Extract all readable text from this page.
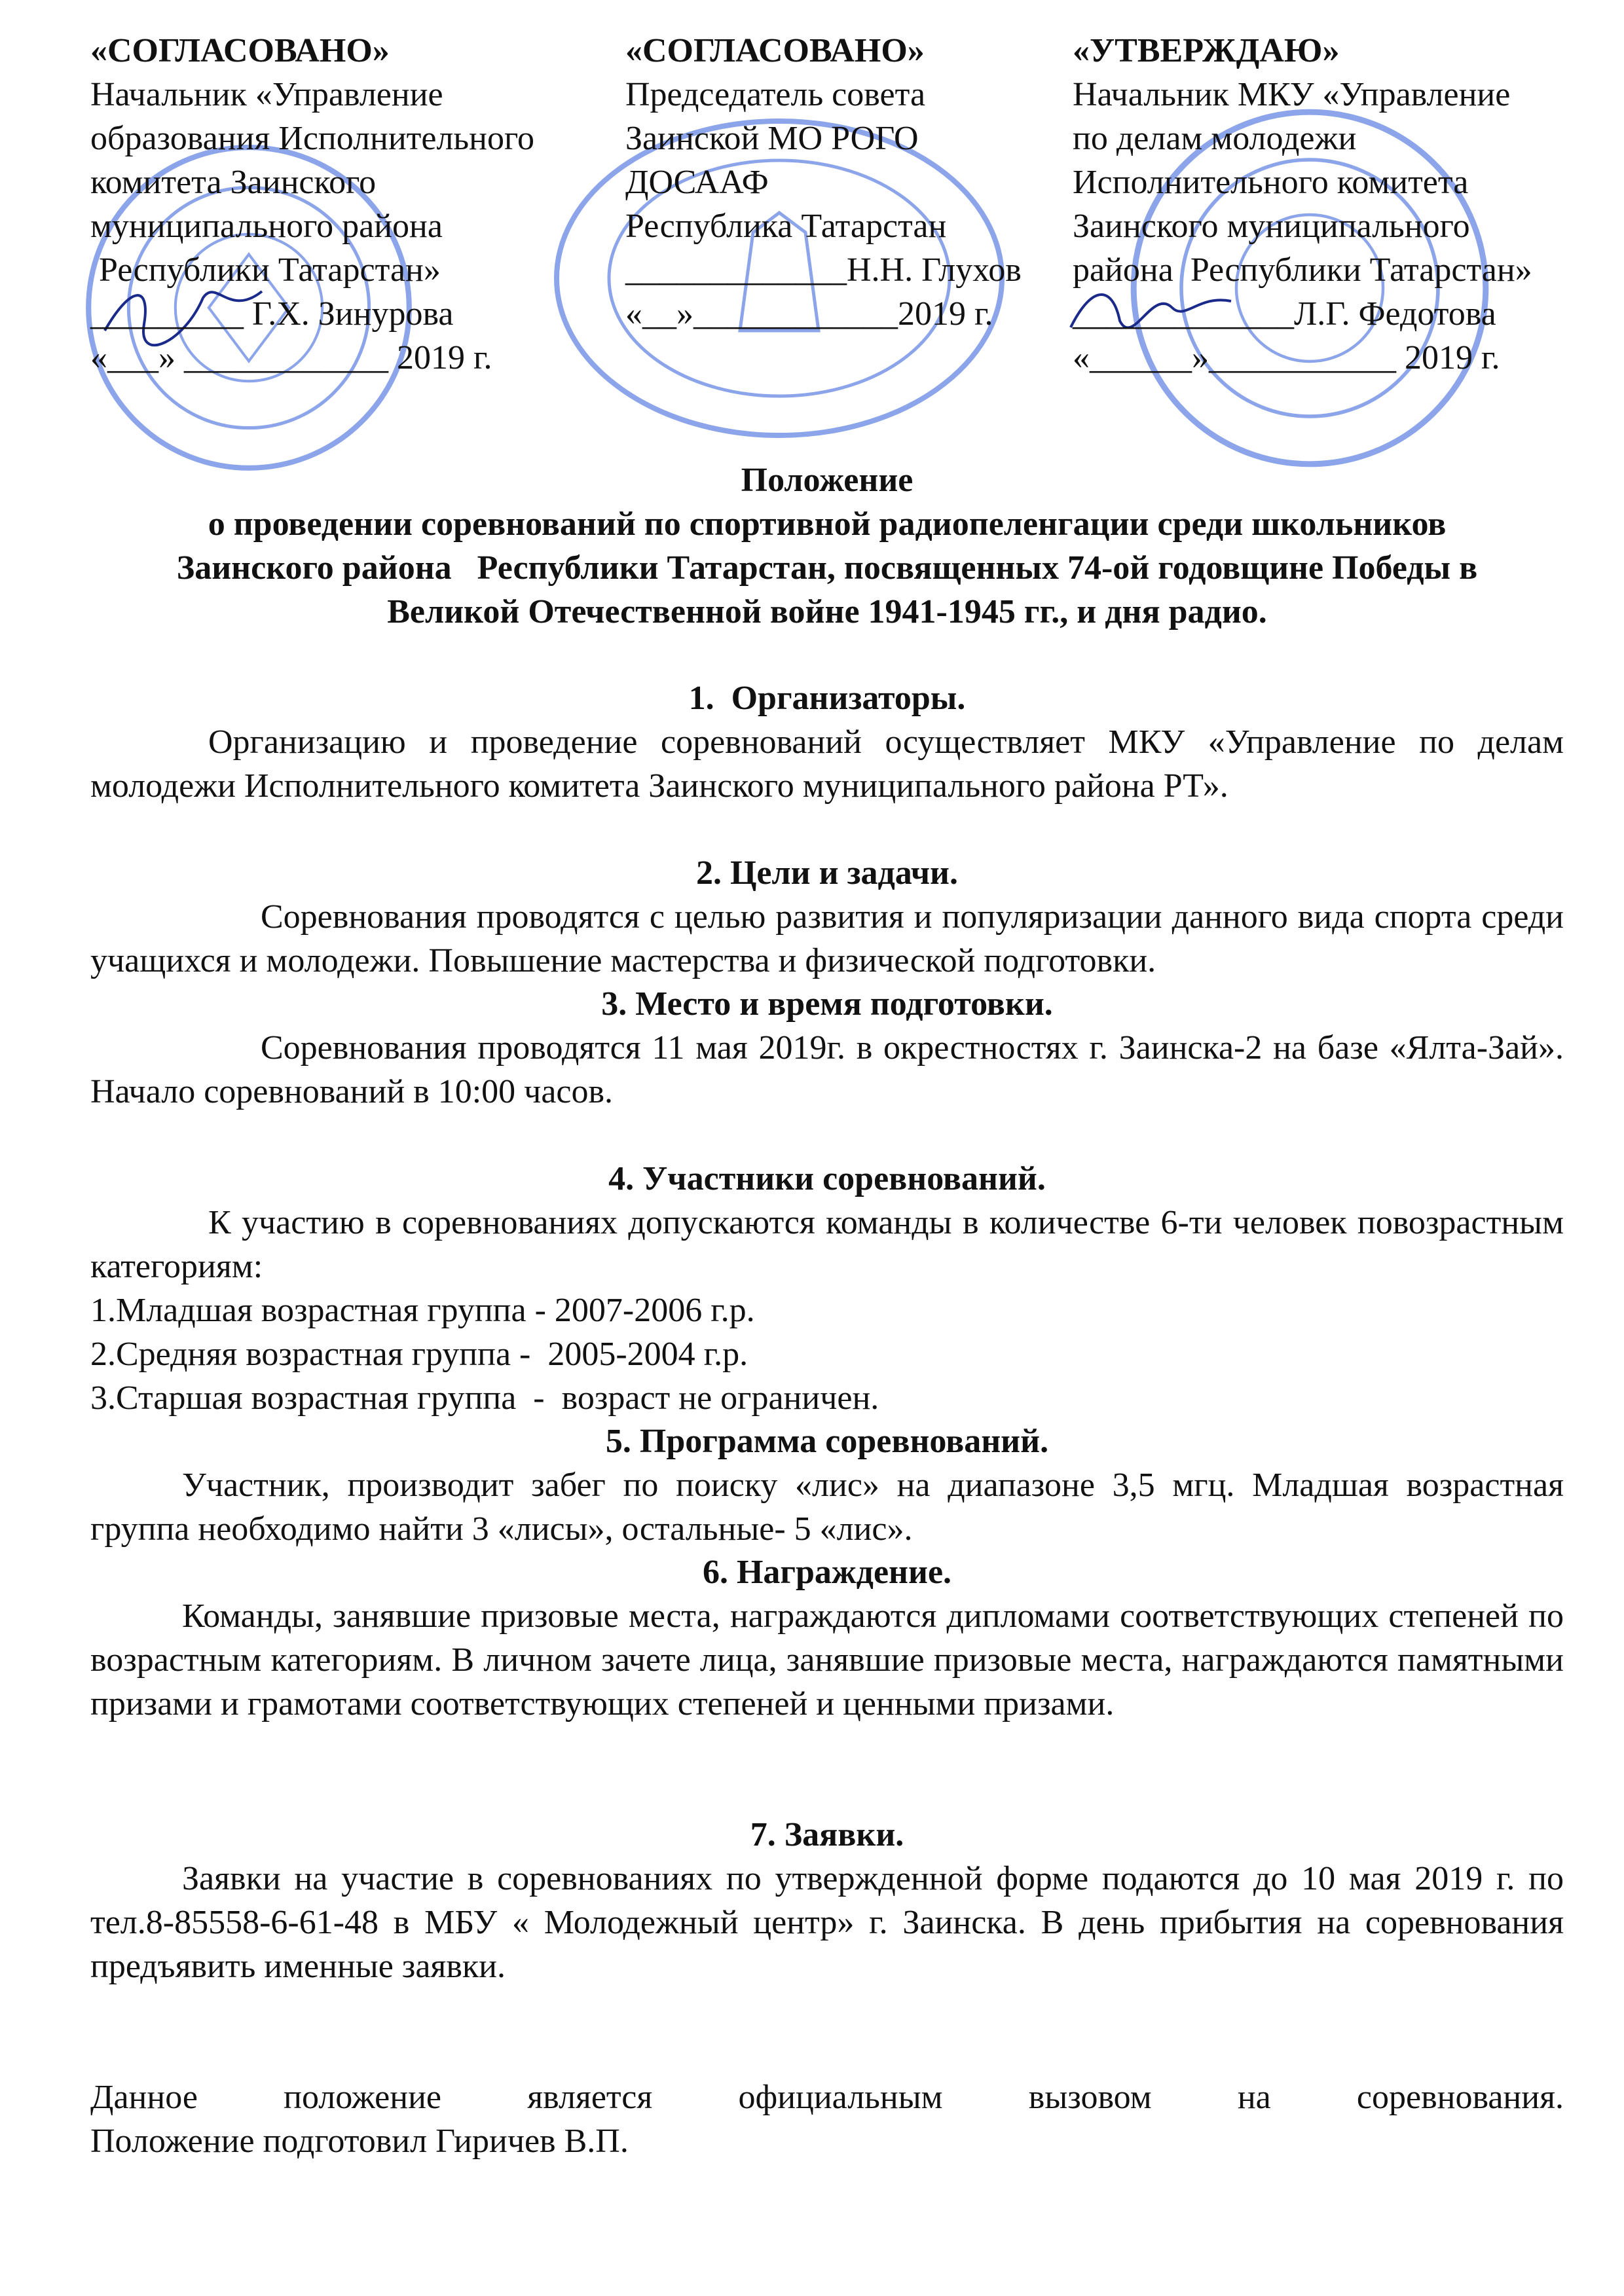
«СОГЛАСОВАНО»
Начальник «Управление
образования Исполнительного
комитета Заинского
муниципального района
Республики Татарстан»
_________ Г.Х. Зинурова
«___» ____________ 2019 г.
«СОГЛАСОВАНО»
Председатель совета
Заинской МО РОГО
ДОСААФ
Республика Татарстан
_____________Н.Н. Глухов
«__»____________2019 г.
«УТВЕРЖДАЮ»
Начальник МКУ «Управление
по делам молодежи
Исполнительного комитета
Заинского муниципального
района  Республики Татарстан»
_____________Л.Г. Федотова
«______»___________ 2019 г.
Положение
о проведении соревнований по спортивной радиопеленгации среди школьников
Заинского района   Республики Татарстан, посвященных 74-ой годовщине Победы в
Великой Отечественной войне 1941-1945 гг., и дня радио.
1.  Организаторы.
Организацию и проведение соревнований осуществляет МКУ «Управление по делам молодежи Исполнительного комитета Заинского муниципального района РТ».
2. Цели и задачи.
Соревнования проводятся с целью развития и популяризации данного вида спорта среди учащихся и молодежи. Повышение мастерства и физической подготовки.
3. Место и время подготовки.
Соревнования проводятся 11 мая 2019г. в окрестностях г. Заинска-2 на базе «Ялта-Зай». Начало соревнований в 10:00 часов.
4. Участники соревнований.
К участию в соревнованиях допускаются команды в количестве 6-ти человек повозрастным категориям:
1.Младшая возрастная группа - 2007-2006 г.р.
2.Средняя возрастная группа -  2005-2004 г.р.
3.Старшая возрастная группа  -  возраст не ограничен.
5. Программа соревнований.
Участник, производит забег по поиску «лис» на диапазоне 3,5 мгц. Младшая возрастная группа необходимо найти 3 «лисы», остальные- 5 «лис».
6. Награждение.
Команды, занявшие призовые места, награждаются дипломами соответствующих степеней по возрастным категориям. В личном зачете лица, занявшие призовые места, награждаются памятными призами и грамотами соответствующих степеней и ценными призами.
7. Заявки.
Заявки на участие в соревнованиях по утвержденной форме подаются до 10 мая 2019 г. по тел.8-85558-6-61-48 в МБУ « Молодежный центр» г. Заинска. В день прибытия на соревнования предъявить именные заявки.
Данное положение является официальным вызовом на соревнования.
Положение подготовил Гиричев В.П.
